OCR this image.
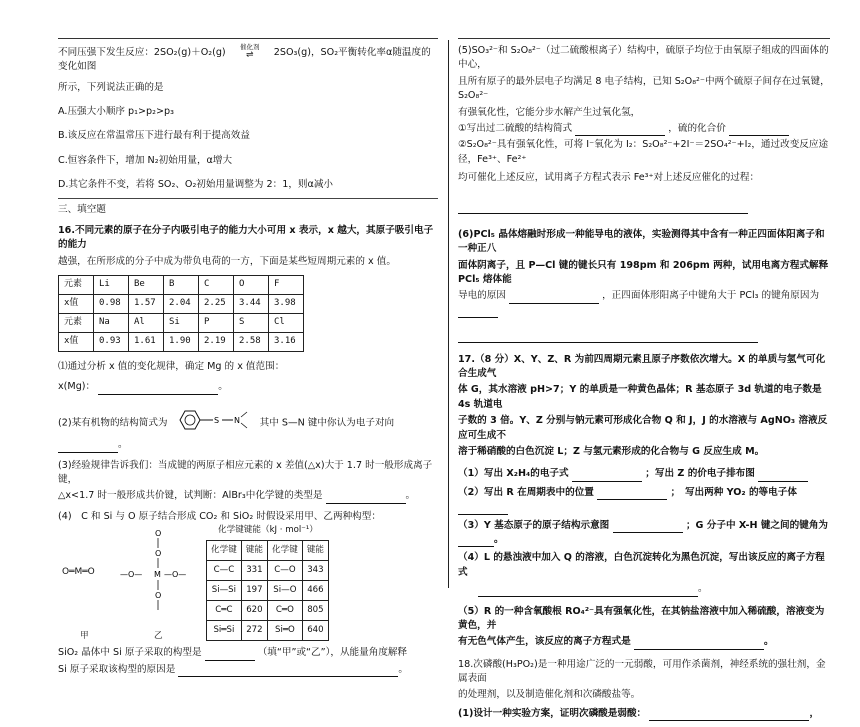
不同压强下发生反应：2SO₂(g)＋O₂(g) 催化剂
⇌ 2SO₃(g)，SO₂平衡转化率α随温度的变化如图

所示，下列说法正确的是

A.压强大小顺序 p₁>p₂>p₃

B.该反应在常温常压下进行最有利于提高效益

C.恒容条件下，增加 N₂初始用量，α增大

D.其它条件不变，若将 SO₂、O₂初始用量调整为 2：1，则α减小

三、填空题

16.不同元素的原子在分子内吸引电子的能力大小可用 x 表示，x 越大，其原子吸引电子的能力

越强，在所形成的分子中成为带负电荷的一方，下面是某些短周期元素的 x 值。

元素	Li	Be	B	C	O	F
x值	0.98	1.57	2.04	2.25	3.44	3.98
元素	Na	Al	Si	P	S	Cl
x值	0.93	1.61	1.90	2.19	2.58	3.16

⑴通过分析 x 值的变化规律，确定 Mg 的 x 值范围：

x(Mg)：	。

(2)某有机物的结构简式为	S N 其中 S—N 键中你认为电子对向 。

(3)经验规律告诉我们：当成键的两原子相应元素的 x 差值(△x)大于 1.7 时一般形成离子键，

△x<1.7 时一般形成共价键，试判断：AlBr₃中化学键的类型是	。

(4)　C 和 Si 与 O 原子结合形成 CO₂ 和 SiO₂ 时假设采用甲、乙两种构型：

化学键键能（kJ · mol⁻¹）
化学键	键能	化学键	键能
C—C	331	C—O	343
Si—Si	197	Si—O	466
C═C	620	C═O	805
Si═Si	272	Si═O	640
O═M═O
O
O
—O— M —O—
O
甲	乙

SiO₂ 晶体中 Si 原子采取的构型是	（填“甲”或“乙”），从能量角度解释

Si 原子采取该构型的原因是	。

(5)SO₃²⁻和 S₂O₈²⁻（过二硫酸根离子）结构中，硫原子均位于由氧原子组成的四面体的中心，

且所有原子的最外层电子均满足 8 电子结构，已知 S₂O₈²⁻中两个硫原子间存在过氧键，S₂O₈²⁻

有强氧化性，它能分步水解产生过氧化氢，

①写出过二硫酸的结构简式	，硫的化合价

②S₂O₈²⁻具有强氧化性，可将 I⁻氧化为 I₂：S₂O₈²⁻+2I⁻＝2SO₄²⁻+I₂，通过改变反应途径，Fe³⁺、Fe²⁺

均可催化上述反应，试用离子方程式表示 Fe³⁺对上述反应催化的过程：

(6)PCl₅ 晶体熔融时形成一种能导电的液体，实验测得其中含有一种正四面体阳离子和一种正八

面体阴离子，且 P—Cl 键的键长只有 198pm 和 206pm 两种，试用电离方程式解释 PCl₅ 熔体能

导电的原因	，正四面体形阳离子中键角大于 PCl₃ 的键角原因为

17.（8 分）X、Y、Z、R 为前四周期元素且原子序数依次增大。X 的单质与氢气可化合生成气

体 G，其水溶液 pH>7；Y 的单质是一种黄色晶体；R 基态原子 3d 轨道的电子数是 4s 轨道电

子数的 3 倍。Y、Z 分别与钠元素可形成化合物 Q 和 J，J 的水溶液与 AgNO₃ 溶液反应可生成不

溶于稀硝酸的白色沉淀 L；Z 与氢元素形成的化合物与 G 反应生成 M。

（1）写出 X₂H₄的电子式	；写出 Z 的价电子排布图

（2）写出 R 在周期表中的位置	；　写出两种 YO₂ 的等电子体

（3）Y 基态原子的原子结构示意图	；G 分子中 X-H 键之间的键角为 。

（4）L 的悬浊液中加入 Q 的溶液，白色沉淀转化为黑色沉淀，写出该反应的离子方程式

。

（5）R 的一种含氧酸根 RO₄²⁻具有强氧化性，在其钠盐溶液中加入稀硫酸，溶液变为黄色，并

有无色气体产生，该反应的离子方程式是	。

18.次磷酸(H₃PO₂)是一种用途广泛的一元弱酸，可用作杀菌剂，神经系统的强壮剂，金属表面

的处理剂，以及制造催化剂和次磷酸盐等。

(1)设计一种实验方案，证明次磷酸是弱酸：	，
